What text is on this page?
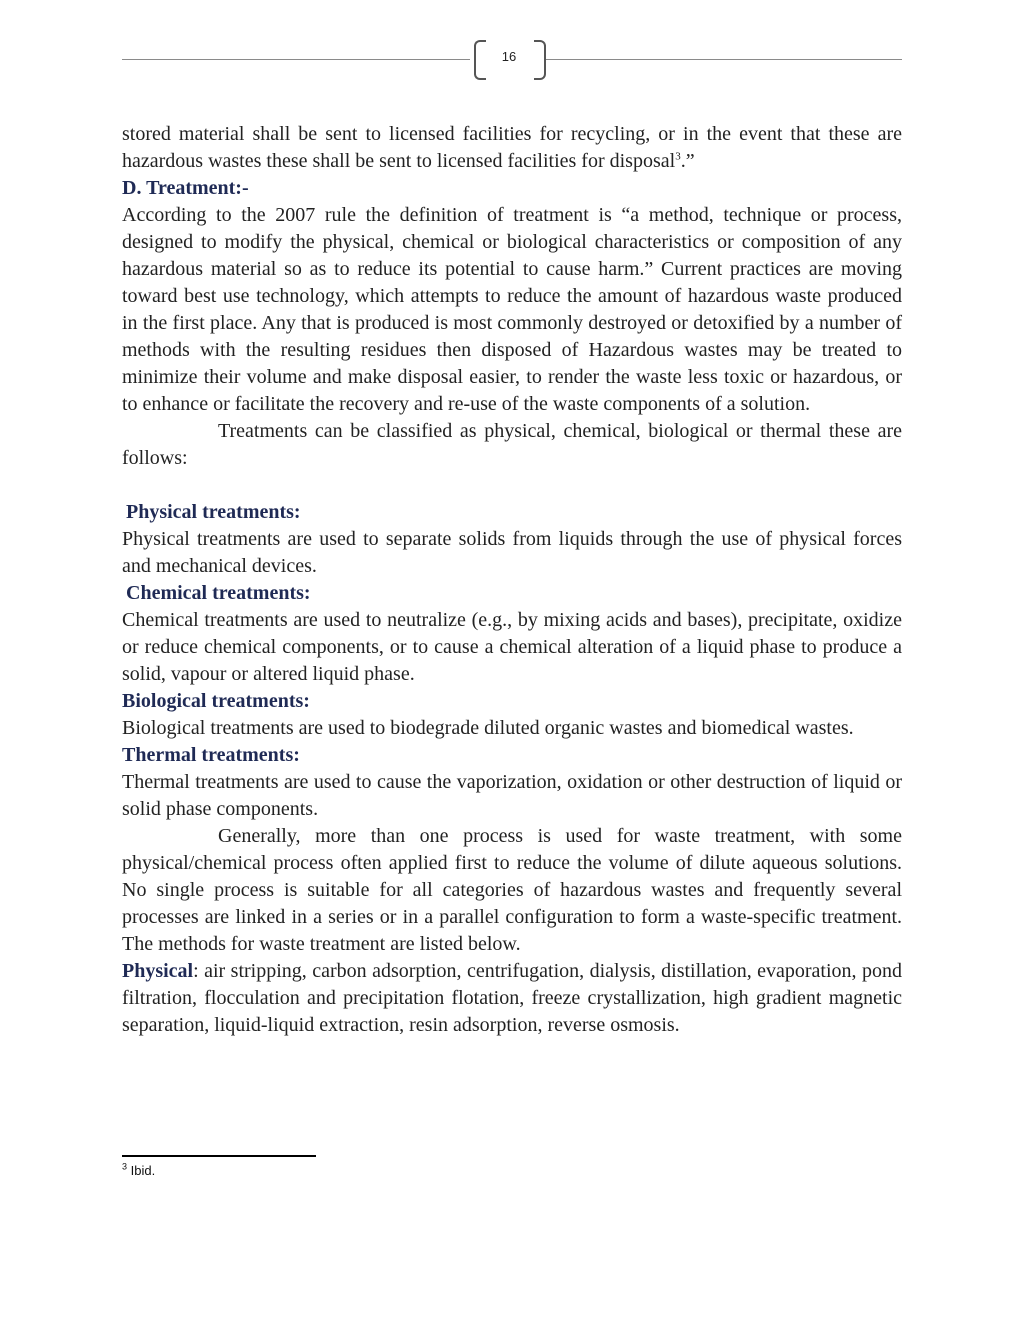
16

stored material shall be sent to licensed facilities for recycling, or in the event that these are hazardous wastes these shall be sent to licensed facilities for disposal$^3$.”

D. Treatment:-

According to the 2007 rule the definition of treatment is “a method, technique or process, designed to modify the physical, chemical or biological characteristics or composition of any hazardous material so as to reduce its potential to cause harm.” Current practices are moving toward best use technology, which attempts to reduce the amount of hazardous waste produced in the first place. Any that is produced is most commonly destroyed or detoxified by a number of methods with the resulting residues then disposed of Hazardous wastes may be treated to minimize their volume and make disposal easier, to render the waste less toxic or hazardous, or to enhance or facilitate the recovery and re-use of the waste components of a solution.

Treatments can be classified as physical, chemical, biological or thermal these are follows:

Physical treatments:

Physical treatments are used to separate solids from liquids through the use of physical forces and mechanical devices.

Chemical treatments:

Chemical treatments are used to neutralize (e.g., by mixing acids and bases), precipitate, oxidize or reduce chemical components, or to cause a chemical alteration of a liquid phase to produce a solid, vapour or altered liquid phase.

Biological treatments:

Biological treatments are used to biodegrade diluted organic wastes and biomedical wastes.

Thermal treatments:

Thermal treatments are used to cause the vaporization, oxidation or other destruction of liquid or solid phase components.

Generally, more than one process is used for waste treatment, with some physical/chemical process often applied first to reduce the volume of dilute aqueous solutions. No single process is suitable for all categories of hazardous wastes and frequently several processes are linked in a series or in a parallel configuration to form a waste-specific treatment. The methods for waste treatment are listed below.

Physical: air stripping, carbon adsorption, centrifugation, dialysis, distillation, evaporation, pond filtration, flocculation and precipitation flotation, freeze crystallization, high gradient magnetic separation, liquid-liquid extraction, resin adsorption, reverse osmosis.

$^3$ Ibid.
